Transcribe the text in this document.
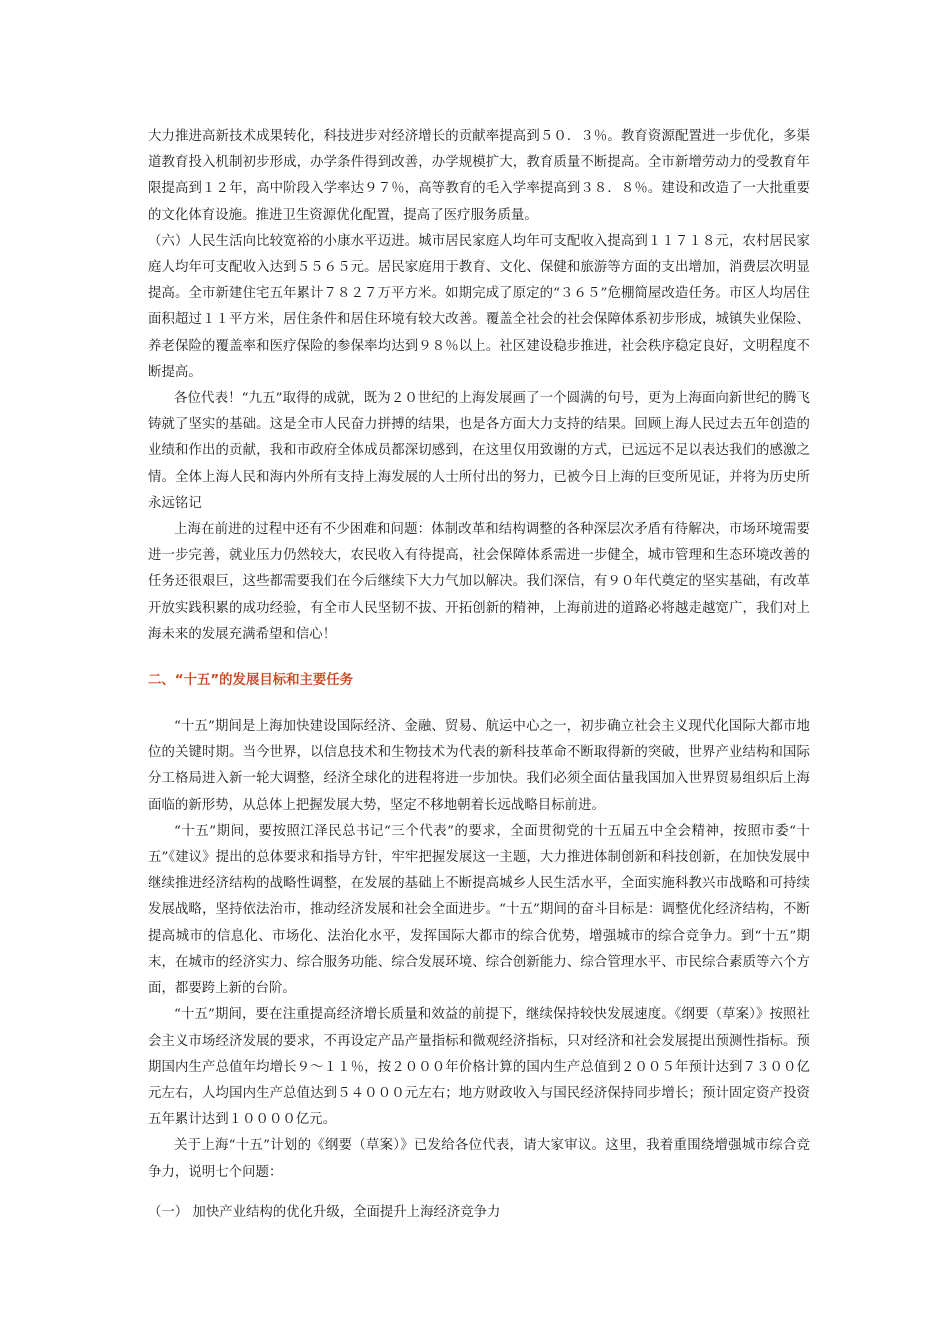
大力推进高新技术成果转化，科技进步对经济增长的贡献率提高到５０．３％。教育资源配置进一步优化，多渠道教育投入机制初步形成，办学条件得到改善，办学规模扩大，教育质量不断提高。全市新增劳动力的受教育年限提高到１２年，高中阶段入学率达９７％，高等教育的毛入学率提高到３８．８％。建设和改造了一大批重要的文化体育设施。推进卫生资源优化配置，提高了医疗服务质量。

（六）人民生活向比较宽裕的小康水平迈进。城市居民家庭人均年可支配收入提高到１１７１８元，农村居民家庭人均年可支配收入达到５５６５元。居民家庭用于教育、文化、保健和旅游等方面的支出增加，消费层次明显提高。全市新建住宅五年累计７８２７万平方米。如期完成了原定的“３６５”危棚简屋改造任务。市区人均居住面积超过１１平方米，居住条件和居住环境有较大改善。覆盖全社会的社会保障体系初步形成，城镇失业保险、养老保险的覆盖率和医疗保险的参保率均达到９８％以上。社区建设稳步推进，社会秩序稳定良好，文明程度不断提高。

各位代表！“九五”取得的成就，既为２０世纪的上海发展画了一个圆满的句号，更为上海面向新世纪的腾飞铸就了坚实的基础。这是全市人民奋力拼搏的结果，也是各方面大力支持的结果。回顾上海人民过去五年创造的业绩和作出的贡献，我和市政府全体成员都深切感到，在这里仅用致谢的方式，已远远不足以表达我们的感激之情。全体上海人民和海内外所有支持上海发展的人士所付出的努力，已被今日上海的巨变所见证，并将为历史所永远铭记

上海在前进的过程中还有不少困难和问题：体制改革和结构调整的各种深层次矛盾有待解决，市场环境需要进一步完善，就业压力仍然较大，农民收入有待提高，社会保障体系需进一步健全，城市管理和生态环境改善的任务还很艰巨，这些都需要我们在今后继续下大力气加以解决。我们深信，有９０年代奠定的坚实基础，有改革开放实践积累的成功经验，有全市人民坚韧不拔、开拓创新的精神，上海前进的道路必将越走越宽广，我们对上海未来的发展充满希望和信心！

二、“十五”的发展目标和主要任务

“十五”期间是上海加快建设国际经济、金融、贸易、航运中心之一，初步确立社会主义现代化国际大都市地位的关键时期。当今世界，以信息技术和生物技术为代表的新科技革命不断取得新的突破，世界产业结构和国际分工格局进入新一轮大调整，经济全球化的进程将进一步加快。我们必须全面估量我国加入世界贸易组织后上海面临的新形势，从总体上把握发展大势，坚定不移地朝着长远战略目标前进。

“十五”期间，要按照江泽民总书记“三个代表”的要求，全面贯彻党的十五届五中全会精神，按照市委“十五”《建议》提出的总体要求和指导方针，牢牢把握发展这一主题，大力推进体制创新和科技创新，在加快发展中继续推进经济结构的战略性调整，在发展的基础上不断提高城乡人民生活水平，全面实施科教兴市战略和可持续发展战略，坚持依法治市，推动经济发展和社会全面进步。“十五”期间的奋斗目标是：调整优化经济结构，不断提高城市的信息化、市场化、法治化水平，发挥国际大都市的综合优势，增强城市的综合竞争力。到“十五”期末，在城市的经济实力、综合服务功能、综合发展环境、综合创新能力、综合管理水平、市民综合素质等六个方面，都要跨上新的台阶。

“十五”期间，要在注重提高经济增长质量和效益的前提下，继续保持较快发展速度。《纲要（草案）》按照社会主义市场经济发展的要求，不再设定产品产量指标和微观经济指标，只对经济和社会发展提出预测性指标。预期国内生产总值年均增长９～１１％，按２０００年价格计算的国内生产总值到２００５年预计达到７３００亿元左右，人均国内生产总值达到５４０００元左右；地方财政收入与国民经济保持同步增长；预计固定资产投资五年累计达到１００００亿元。

关于上海“十五”计划的《纲要（草案）》已发给各位代表，请大家审议。这里，我着重围绕增强城市综合竞争力，说明七个问题：

（一） 加快产业结构的优化升级，全面提升上海经济竞争力
